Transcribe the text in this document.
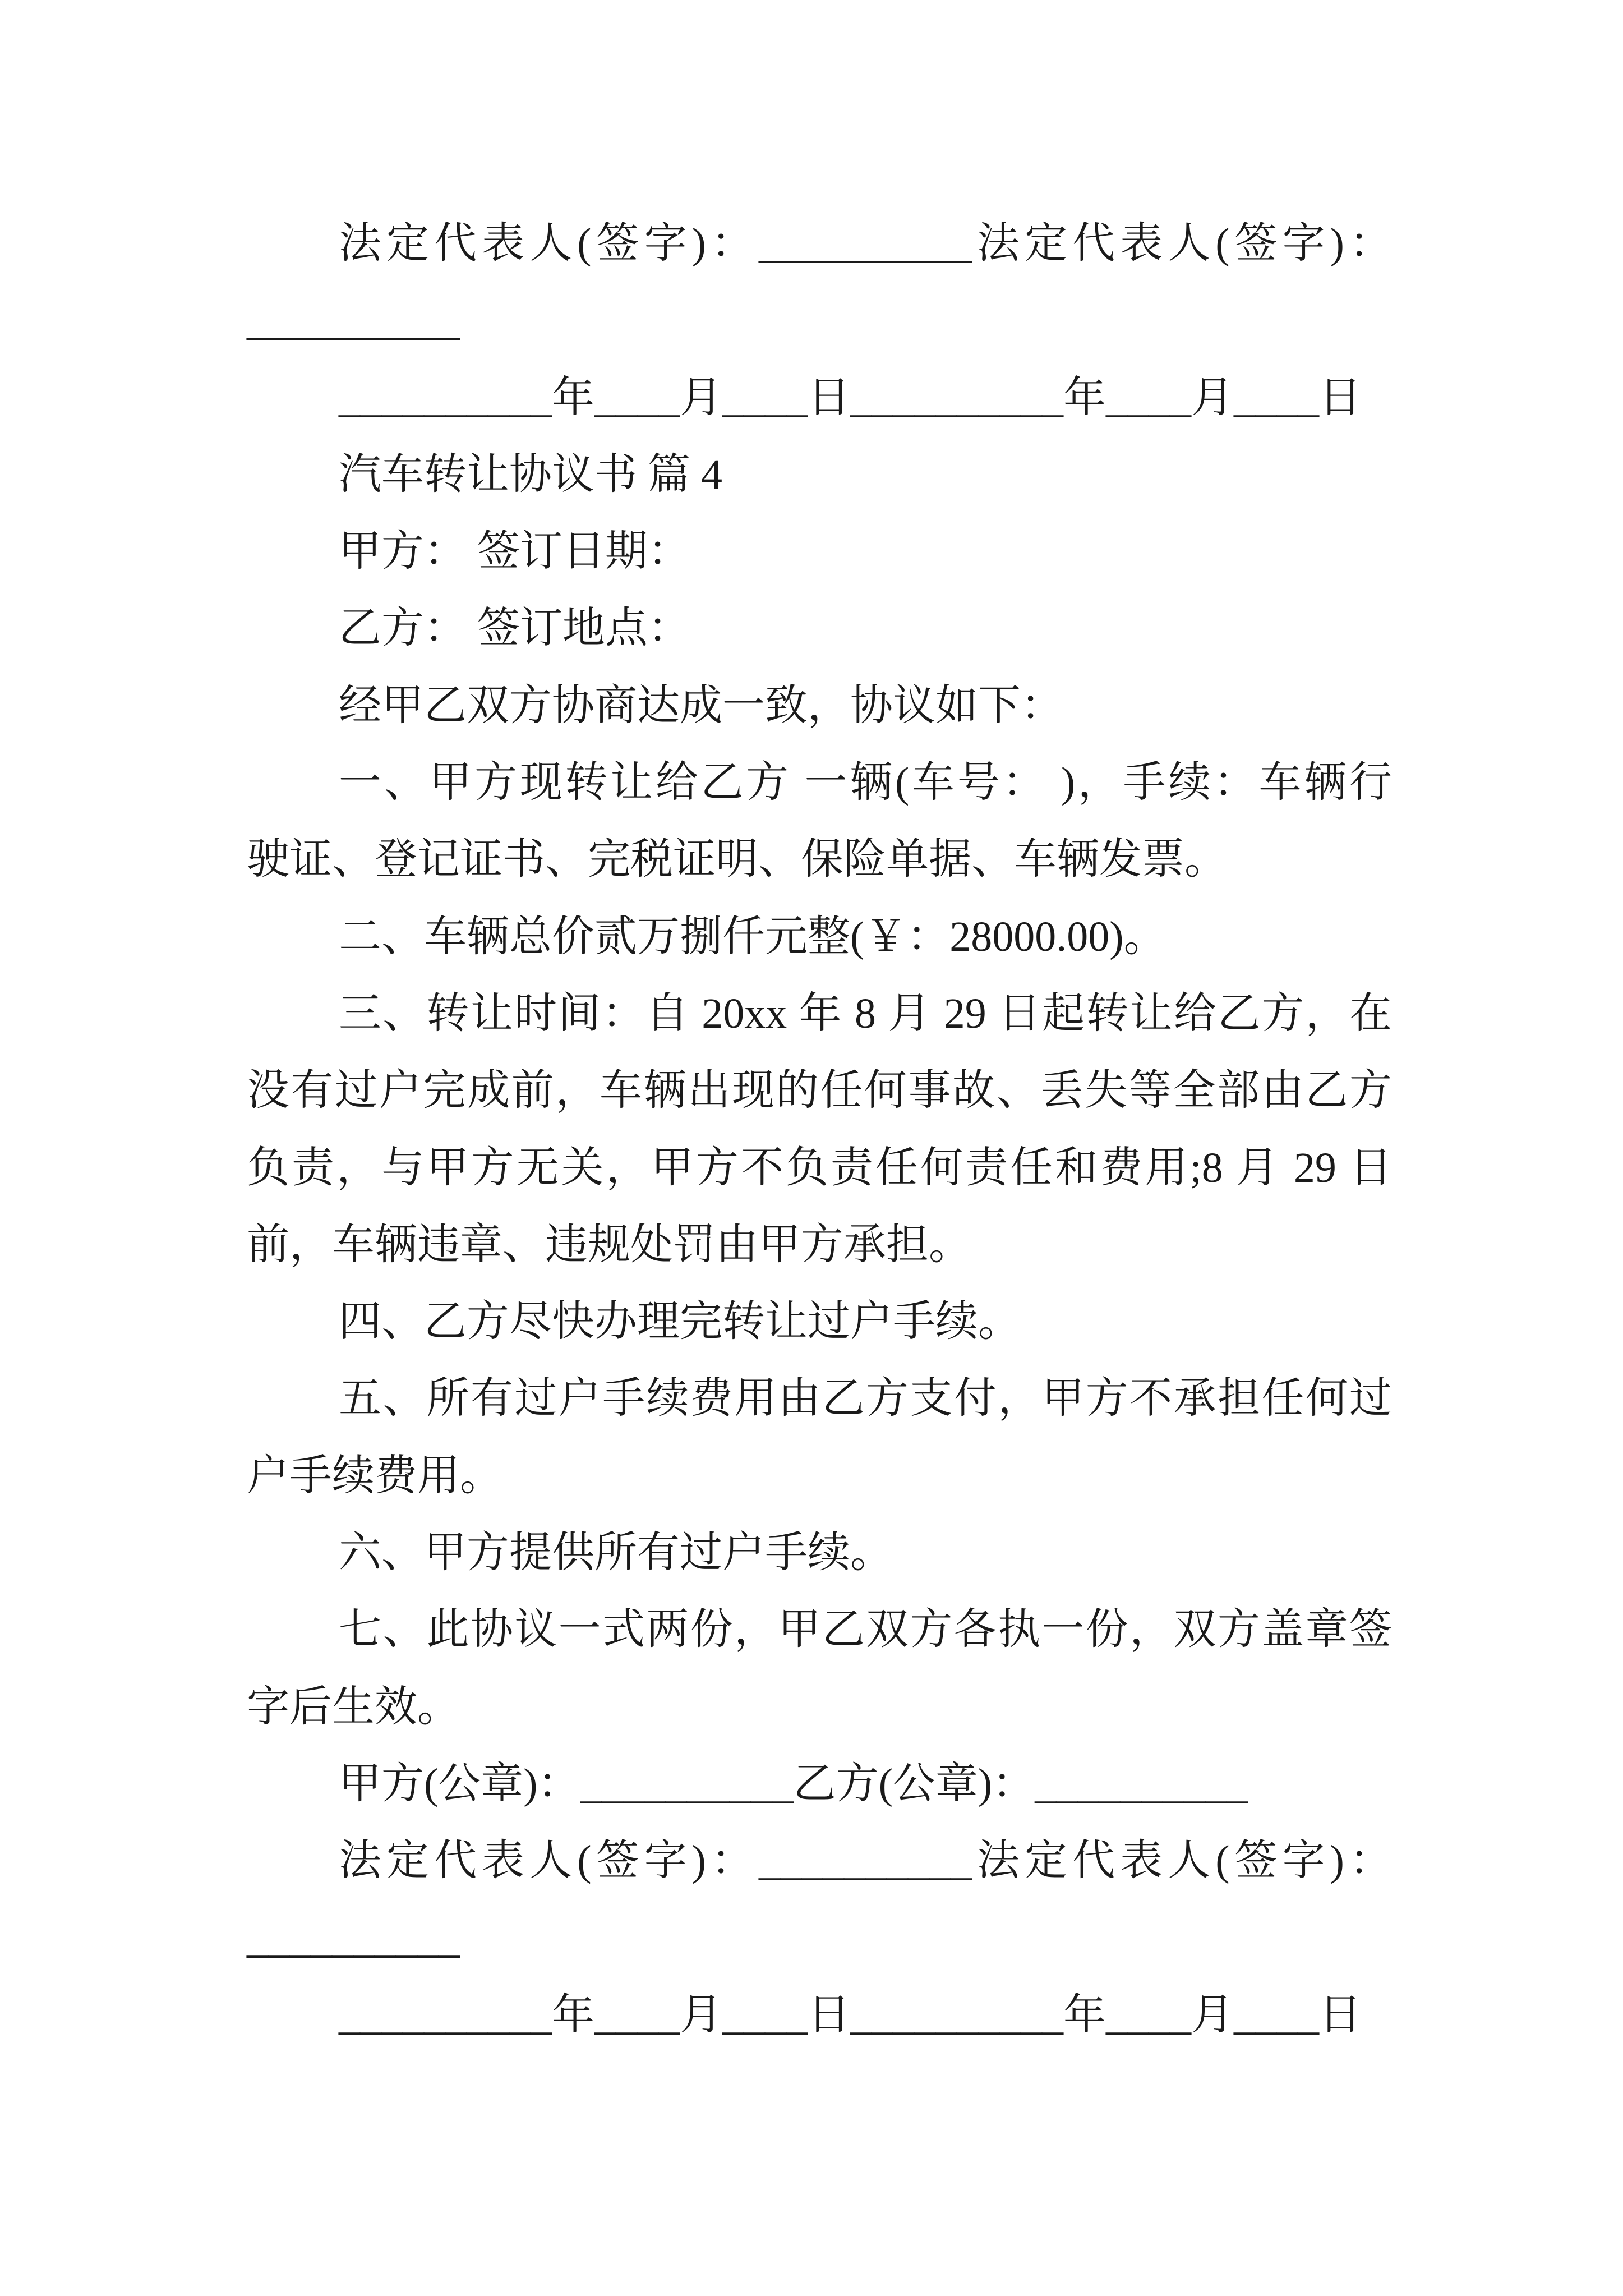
法定代表人(签字)：__________法定代表人(签字)：
__________
__________年____月____日__________年____月____日
汽车转让协议书 篇 4
甲方： 签订日期：
乙方： 签订地点：
经甲乙双方协商达成一致，协议如下：
一、甲方现转让给乙方 一辆(车号： )，手续：车辆行
驶证、登记证书、完税证明、保险单据、车辆发票。
二、车辆总价贰万捌仟元整(￥：28000.00)。
三、转让时间：自 20xx 年 8 月 29 日起转让给乙方，在
没有过户完成前，车辆出现的任何事故、丢失等全部由乙方
负责，与甲方无关，甲方不负责任何责任和费用;8 月 29 日
前，车辆违章、违规处罚由甲方承担。
四、乙方尽快办理完转让过户手续。
五、所有过户手续费用由乙方支付，甲方不承担任何过
户手续费用。
六、甲方提供所有过户手续。
七、此协议一式两份，甲乙双方各执一份，双方盖章签
字后生效。
甲方(公章)：__________乙方(公章)：__________
法定代表人(签字)：__________法定代表人(签字)：
__________
__________年____月____日__________年____月____日
